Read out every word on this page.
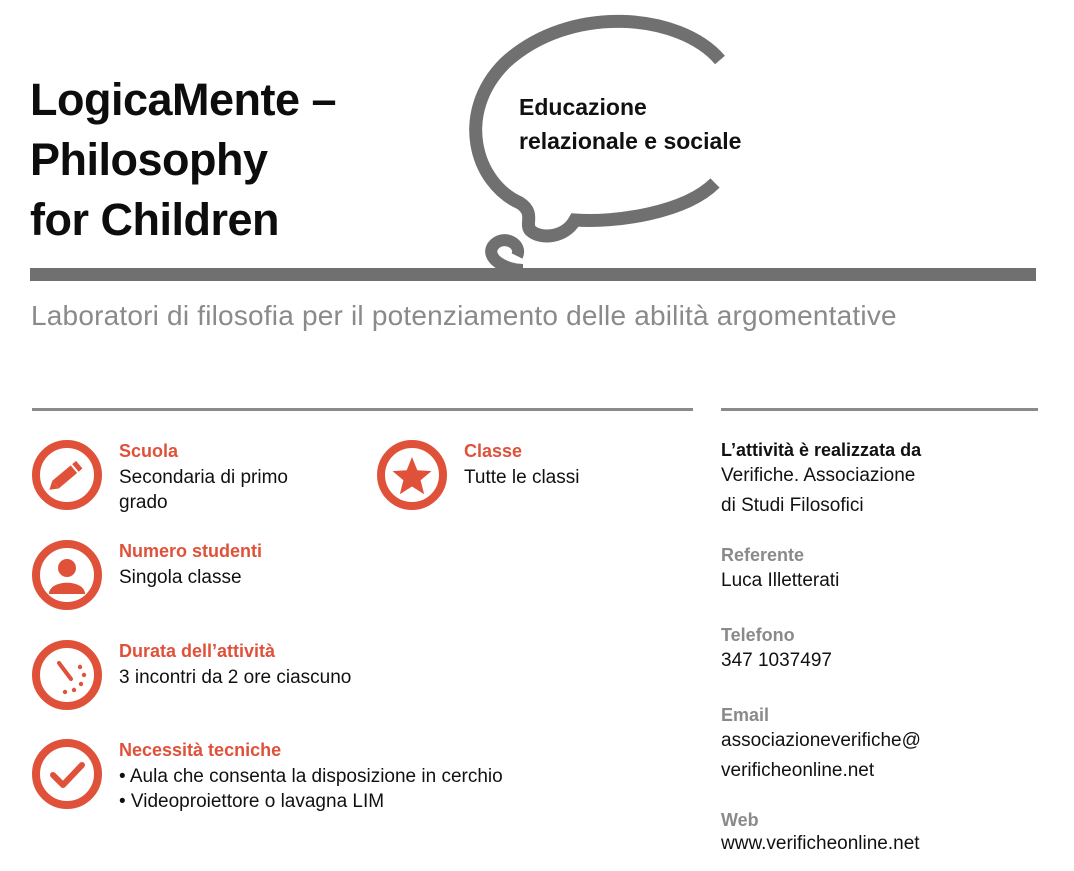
LogicaMente –
Philosophy
for Children
Educazione
relazionale e sociale
Laboratori di filosofia per il potenziamento delle abilità argomentative
Scuola
Secondaria di primo
grado
Classe
Tutte le classi
Numero studenti
Singola classe
Durata dell’attività
3 incontri da 2 ore ciascuno
Necessità tecniche
• Aula che consenta la disposizione in cerchio
• Videoproiettore o lavagna LIM
L’attività è realizzata da
Verifiche. Associazione
di Studi Filosofici
Referente
Luca Illetterati
Telefono
347 1037497
Email
associazioneverifiche@
verificheonline.net
Web
www.verificheonline.net
